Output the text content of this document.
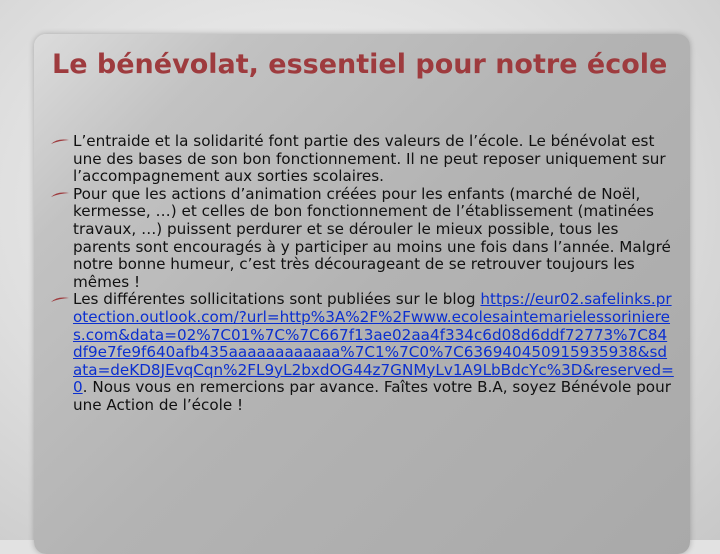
Le bénévolat, essentiel pour notre école
L’entraide et la solidarité font partie des valeurs de l’école. Le bénévolat est une des bases de son bon fonctionnement. Il ne peut reposer uniquement sur l’accompagnement aux sorties scolaires.
Pour que les actions d’animation créées pour les enfants (marché de Noël, kermesse, …) et celles de bon fonctionnement de l’établissement (matinées travaux, …) puissent perdurer et se dérouler le mieux possible, tous les parents sont encouragés à y participer au moins une fois dans l’année. Malgré notre bonne humeur, c’est très décourageant de se retrouver toujours les mêmes !
Les différentes sollicitations sont publiées sur le blog https://eur02.safelinks.protection.outlook.com/?url=http%3A%2F%2Fwww.ecolesaintemarielessorinieres.com&data=02%7C01%7C%7C667f13ae02aa4f334c6d08d6ddf72773%7C84df9e7fe9f640afb435aaaaaaaaaaaa%7C1%7C0%7C636940450915935938&sdata=deKD8JEvqCqn%2FL9yL2bxdOG44z7GNMyLv1A9LbBdcYc%3D&reserved=0. Nous vous en remercions par avance. Faîtes votre B.A, soyez Bénévole pour une Action de l’école !
